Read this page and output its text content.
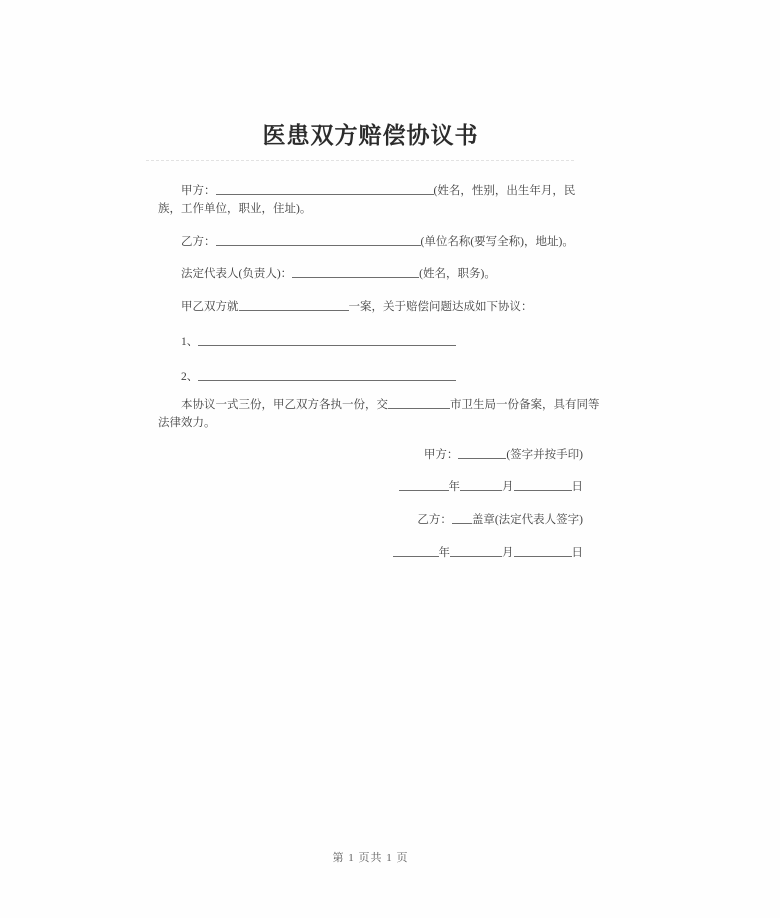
医患双方赔偿协议书

甲方：	(姓名，性别，出生年月，民
族，工作单位，职业，住址)。

乙方：	(单位名称(要写全称)，地址)。

法定代表人(负责人)：	(姓名，职务)。

甲乙双方就	一案，关于赔偿问题达成如下协议：

1、

2、

本协议一式三份，甲乙双方各执一份，交	市卫生局一份备案，具有同等
法律效力。

甲方：	(签字并按手印)

年	月	日

乙方： 盖章(法定代表人签字)

年	月	日

第 1 页共 1 页
